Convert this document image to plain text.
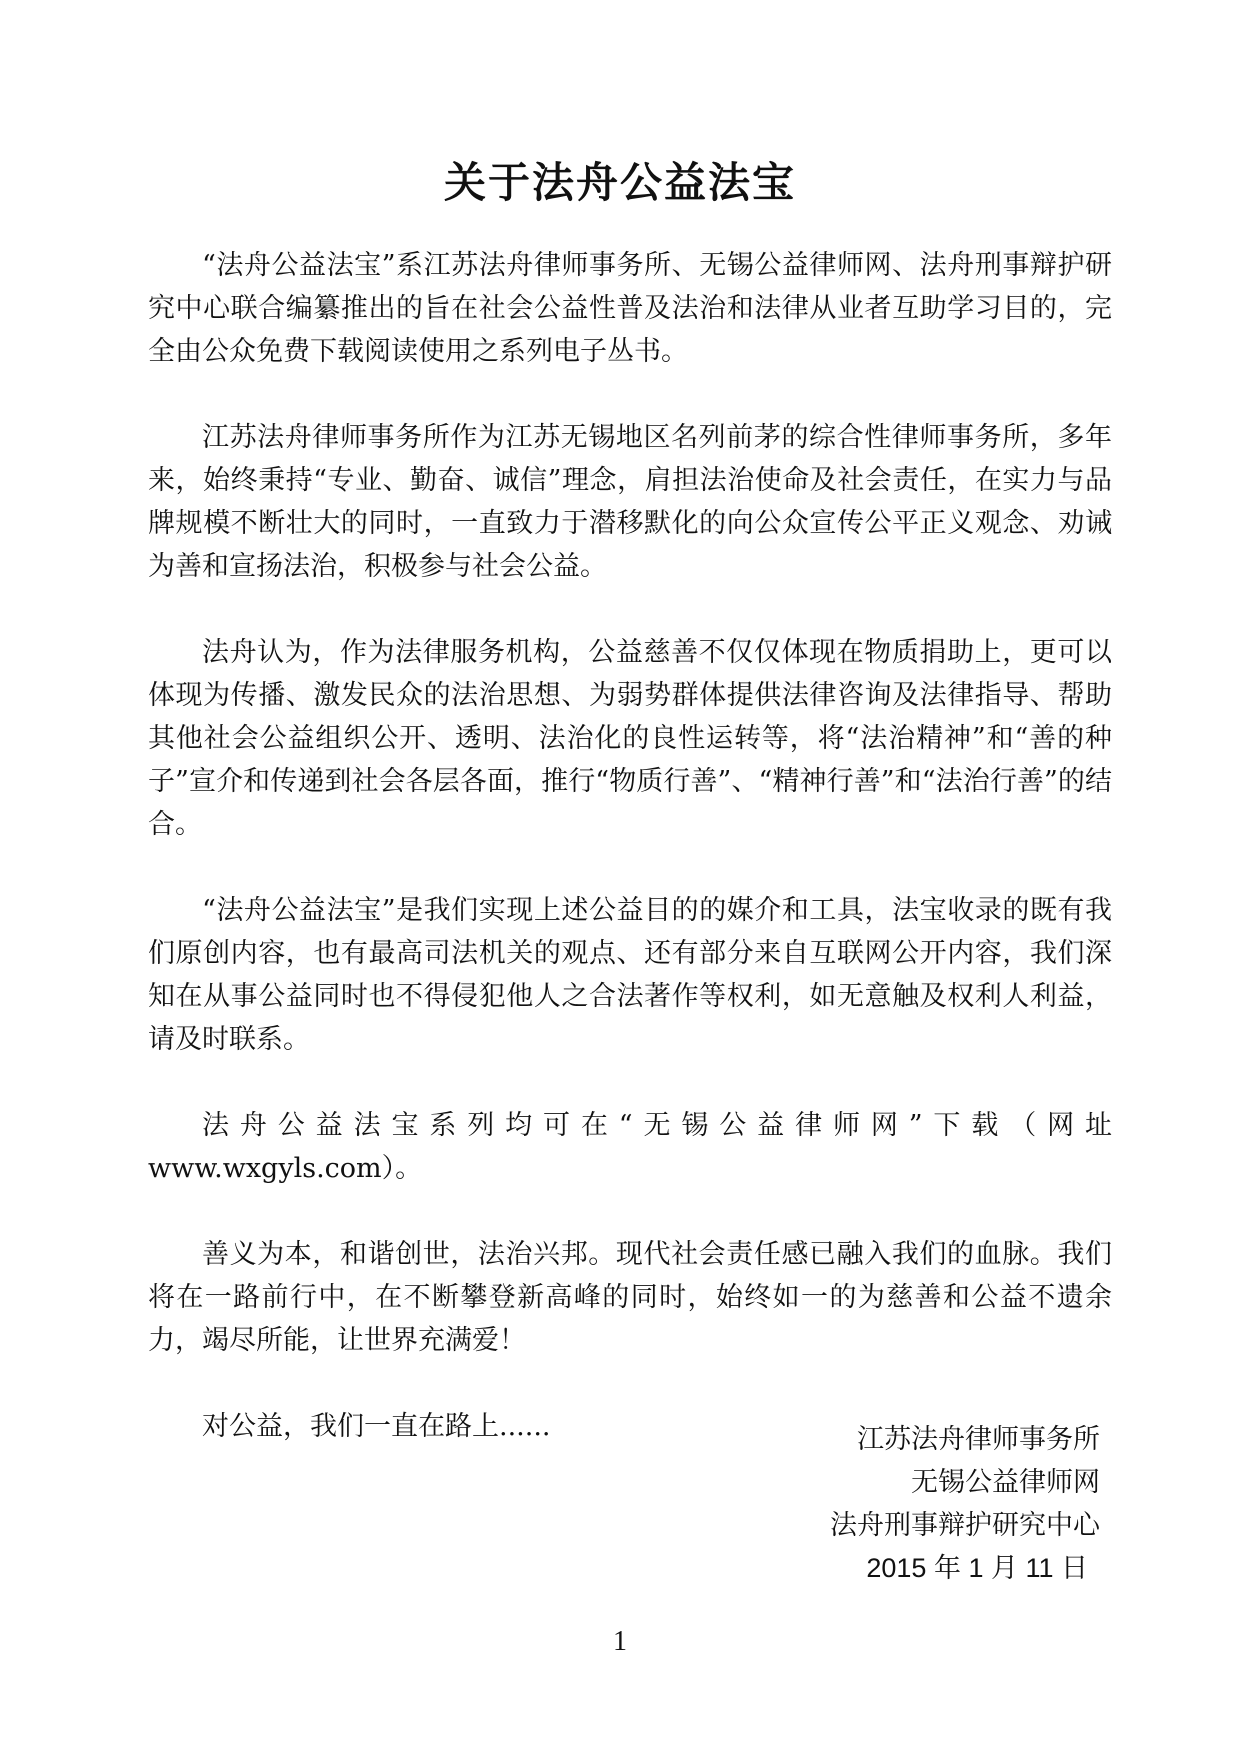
关于法舟公益法宝

“法舟公益法宝”系江苏法舟律师事务所、无锡公益律师网、法舟刑事辩护研究中心联合编纂推出的旨在社会公益性普及法治和法律从业者互助学习目的，完全由公众免费下载阅读使用之系列电子丛书。

江苏法舟律师事务所作为江苏无锡地区名列前茅的综合性律师事务所，多年来，始终秉持“专业、勤奋、诚信”理念，肩担法治使命及社会责任，在实力与品牌规模不断壮大的同时，一直致力于潜移默化的向公众宣传公平正义观念、劝诫为善和宣扬法治，积极参与社会公益。

法舟认为，作为法律服务机构，公益慈善不仅仅体现在物质捐助上，更可以体现为传播、激发民众的法治思想、为弱势群体提供法律咨询及法律指导、帮助其他社会公益组织公开、透明、法治化的良性运转等，将“法治精神”和“善的种子”宣介和传递到社会各层各面，推行“物质行善”、“精神行善”和“法治行善”的结合。

“法舟公益法宝”是我们实现上述公益目的的媒介和工具，法宝收录的既有我们原创内容，也有最高司法机关的观点、还有部分来自互联网公开内容，我们深知在从事公益同时也不得侵犯他人之合法著作等权利，如无意触及权利人利益，请及时联系。

法舟公益法宝系列均可在“无锡公益律师网”下载（网址www.wxgyls.com）。

善义为本，和谐创世，法治兴邦。现代社会责任感已融入我们的血脉。我们将在一路前行中，在不断攀登新高峰的同时，始终如一的为慈善和公益不遗余力，竭尽所能，让世界充满爱！

对公益，我们一直在路上......	江苏法舟律师事务所
无锡公益律师网
法舟刑事辩护研究中心
2015 年 1 月 11 日
1
